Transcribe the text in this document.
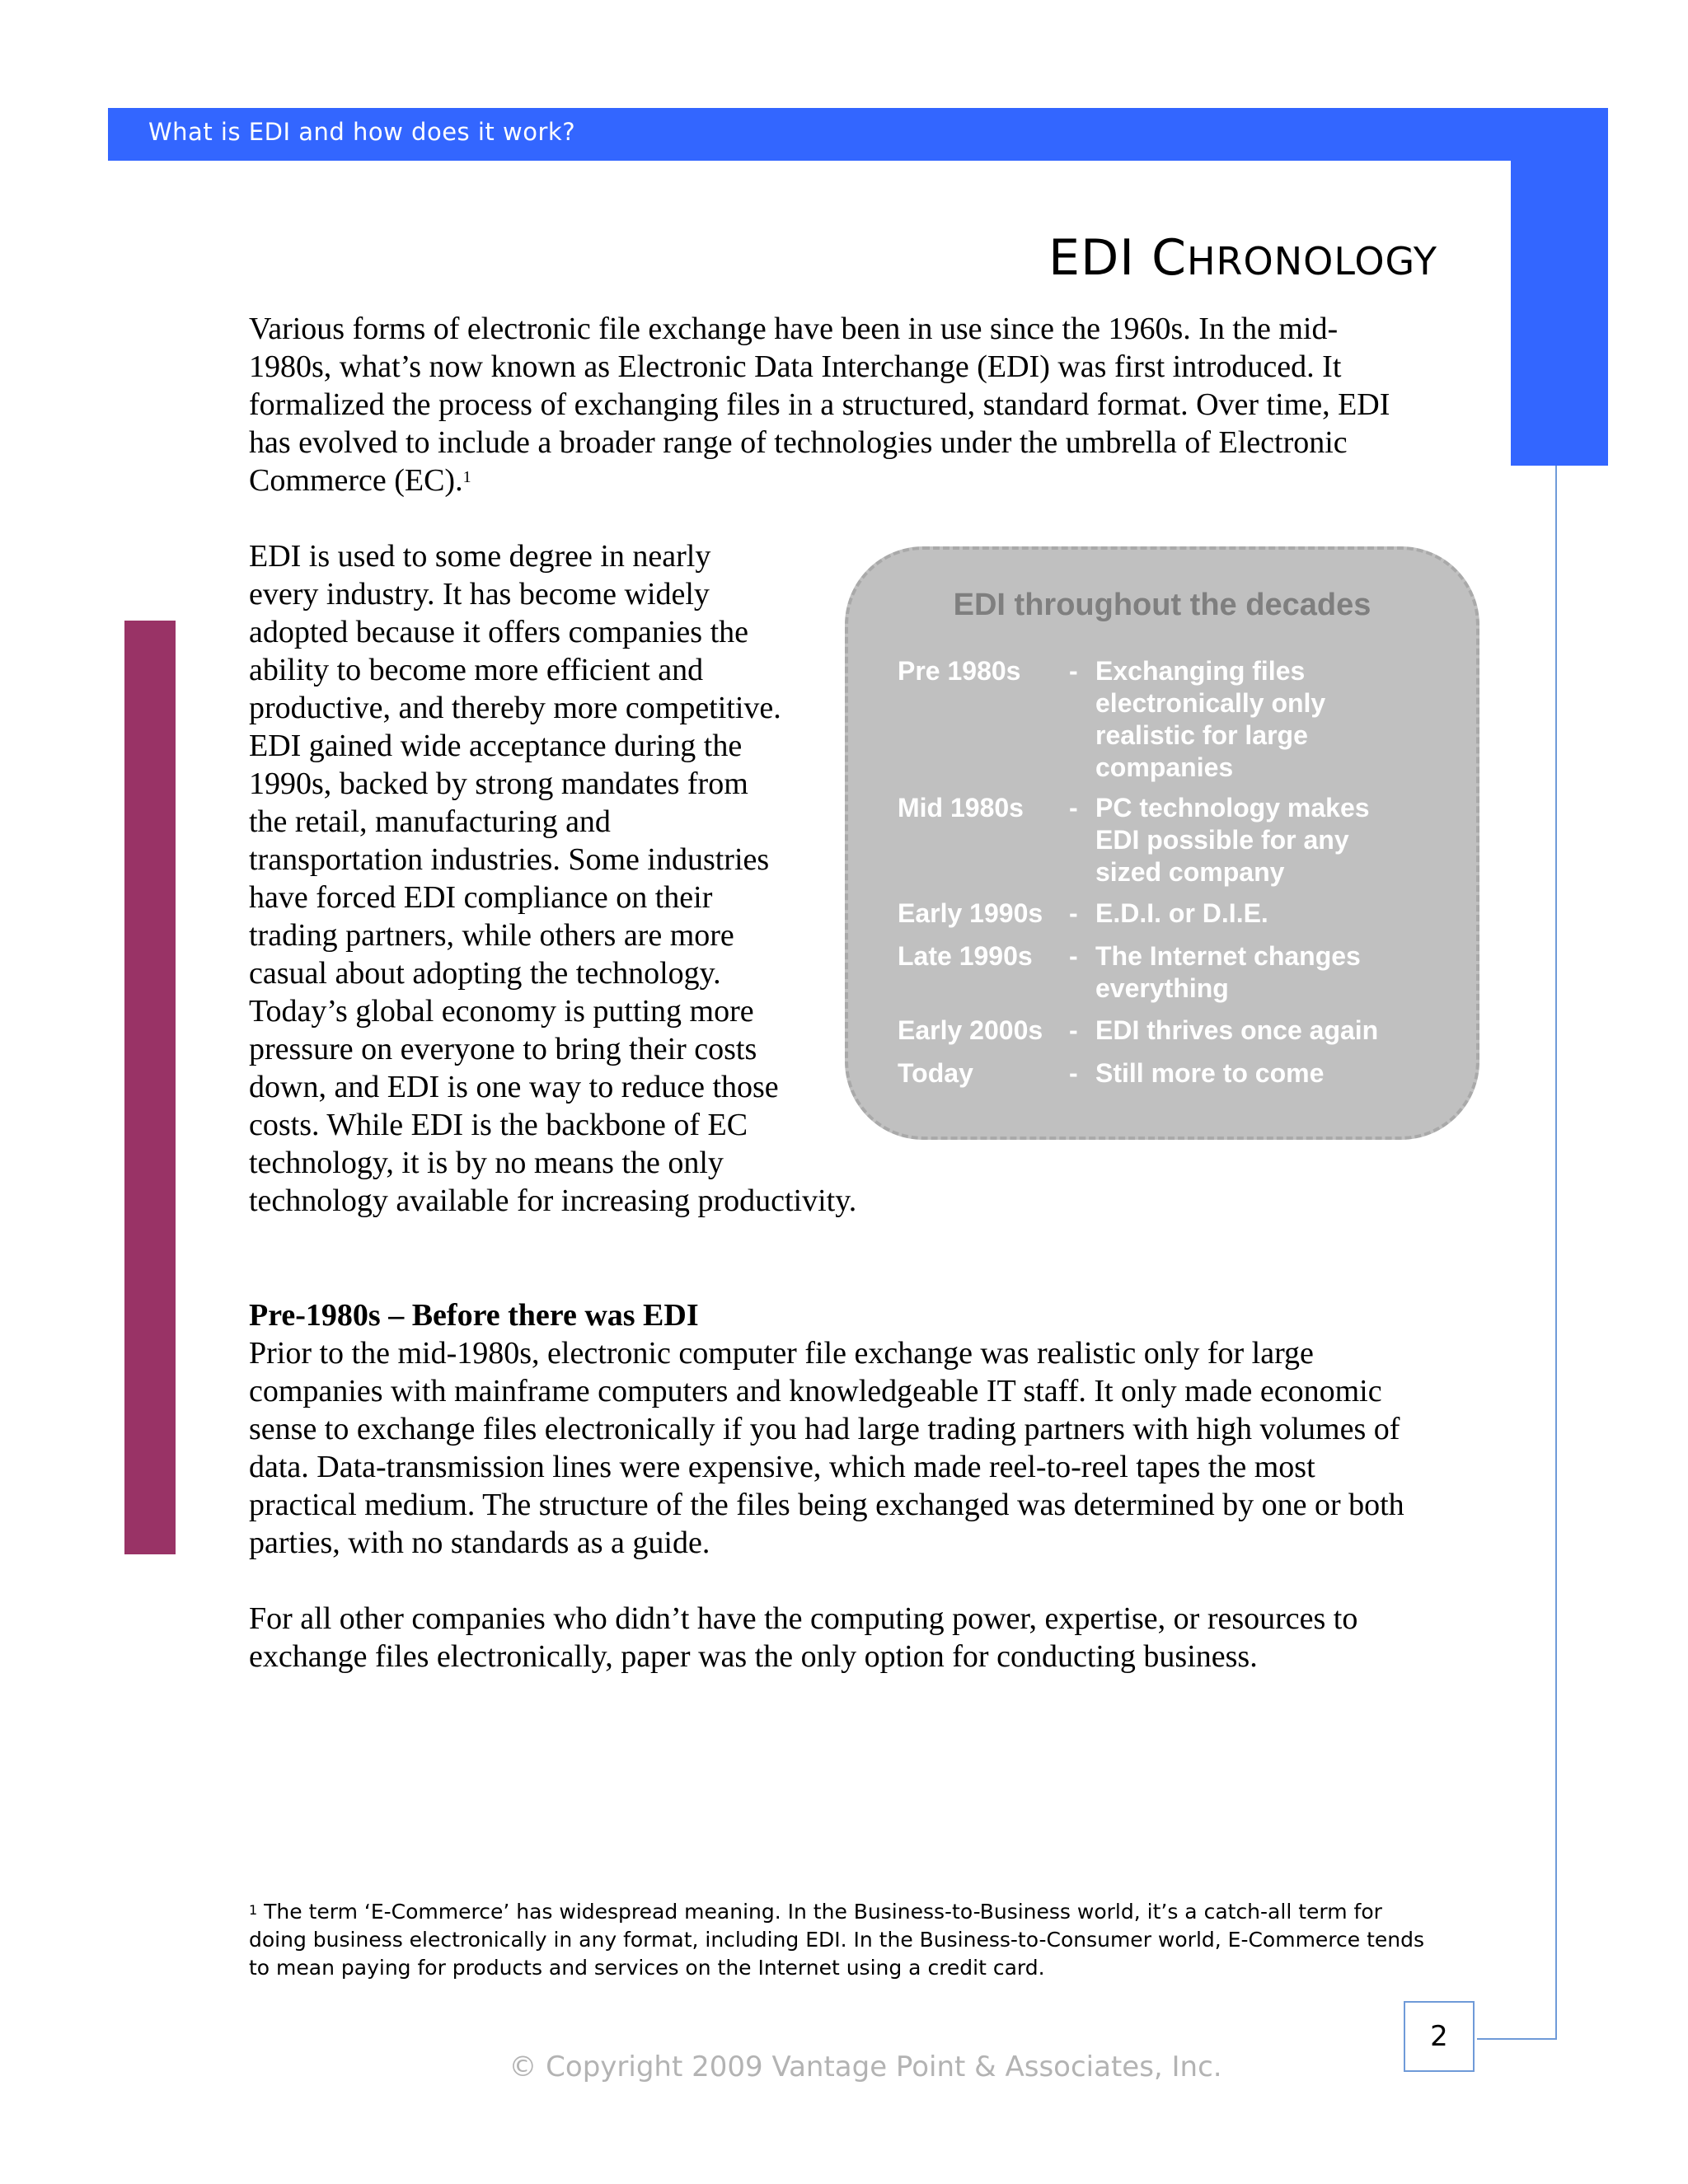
What is EDI and how does it work?
2
EDI CHRONOLOGY
Various forms of electronic file exchange have been in use since the 1960s. In the mid-
1980s, what’s now known as Electronic Data Interchange (EDI) was first introduced. It
formalized the process of exchanging files in a structured, standard format. Over time, EDI
has evolved to include a broader range of technologies under the umbrella of Electronic
Commerce (EC).$^1$
EDI is used to some degree in nearly
every industry. It has become widely
adopted because it offers companies the
ability to become more efficient and
productive, and thereby more competitive.
EDI gained wide acceptance during the
1990s, backed by strong mandates from
the retail, manufacturing and
transportation industries. Some industries
have forced EDI compliance on their
trading partners, while others are more
casual about adopting the technology.
Today’s global economy is putting more
pressure on everyone to bring their costs
down, and EDI is one way to reduce those
costs. While EDI is the backbone of EC
technology, it is by no means the only
technology available for increasing productivity.
EDI throughout the decades
Pre 1980s - Exchanging files
electronically only
realistic for large
companies
Mid 1980s - PC technology makes
EDI possible for any
sized company
Early 1990s - E.D.I. or D.I.E.
Late 1990s - The Internet changes
everything
Early 2000s - EDI thrives once again
Today	- Still more to come
Pre-1980s – Before there was EDI
Prior to the mid-1980s, electronic computer file exchange was realistic only for large
companies with mainframe computers and knowledgeable IT staff. It only made economic
sense to exchange files electronically if you had large trading partners with high volumes of
data. Data-transmission lines were expensive, which made reel-to-reel tapes the most
practical medium. The structure of the files being exchanged was determined by one or both
parties, with no standards as a guide.
For all other companies who didn’t have the computing power, expertise, or resources to
exchange files electronically, paper was the only option for conducting business.
$^1$ The term ‘E-Commerce’ has widespread meaning. In the Business-to-Business world, it’s a catch-all term for
doing business electronically in any format, including EDI. In the Business-to-Consumer world, E-Commerce tends
to mean paying for products and services on the Internet using a credit card.
© Copyright 2009 Vantage Point & Associates, Inc.
